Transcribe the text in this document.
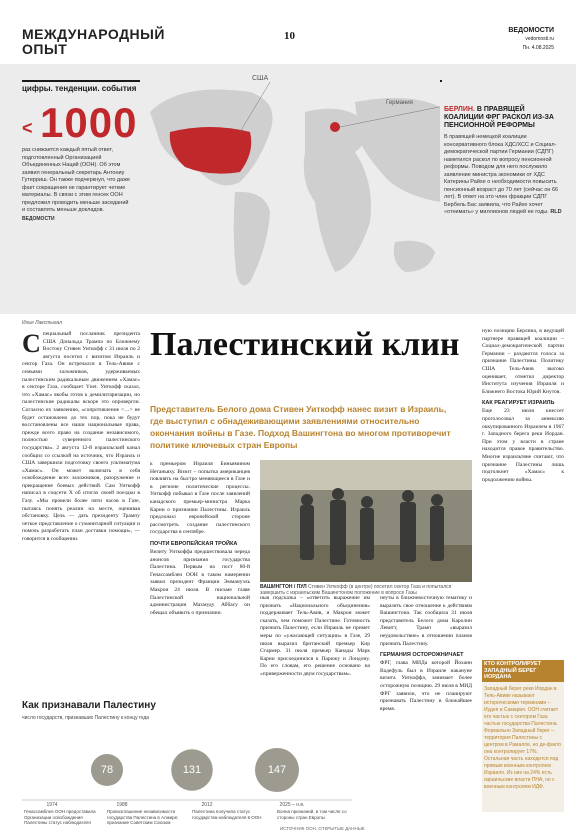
МЕЖДУНАРОДНЫЙ
ОПЫТ
10	ВЕДОМОСТИ
vedomosti.ru
Пн. 4.08.2025
цифры. тенденции. события
< 1000
раз снижается каждый пятый ответ, подготовленный Организацией Объединенных Наций (ООН). Об этом заявил генеральный секретарь Антониу Гутерриш. Он также подчеркнул, что даже факт сокращения не гарантирует четкие материалы. В связи с этим генсек ООН предложил проводить меньше заседаний и составлять меньше докладов.
ВЕДОМОСТИ
США
Германия
БЕРЛИН. В ПРАВЯЩЕЙ КОАЛИЦИИ ФРГ РАСКОЛ ИЗ-ЗА ПЕНСИОННОЙ РЕФОРМЫ
В правящей немецкой коалиции консервативного блока ХДС/ХСС и Социал-демократической партии Германии (СДПГ) наметился раскол по вопросу пенсионной реформы. Поводом для него послужило заявление министра экономики от ХДС Катерины Райхе о необходимости повысить пенсионный возраст до 70 лет (сейчас он 66 лет). В ответ на это член фракции СДПГ Бербель Бас заявила, что Райхе хочет «отнимать» у миллионов людей ее годы. RLD
Илья Лакстыгал
Палестинский клин
Представитель Белого дома Стивен Уиткофф нанес визит в Израиль, где выступил с обнадеживающими заявлениями относительно окончания войны в Газе. Подход Вашингтона во многом противоречит политике ключевых стран Европы
С пециальный посланник президента США Дональда Трампа по Ближнему Востоку Стивен Уиткофф с 31 июля по 2 августа посетил с визитом Израиль и сектор Газа. Он встречался в Тель-Авиве с семьями заложников, удерживаемых палестинским радикальным движением «Хамас» в секторе Газа, сообщает Ynet. Уиткофф сказал, что «Хамас» якобы готов к демилитаризации, но палестинские радикалы вскоре это опровергли. Согласно их заявлению, «сопротивление <…> не будет остановлено до тех пор, пока не будут восстановлены все наши национальные права, прежде всего право на создание независимого, полностью суверенного палестинского государства». 2 августа 12-й израильский канал сообщил со ссылкой на источник, что Израиль и США завершили подготовку своего ультиматума «Хамас». Он может включать в себя освобождение всех заложников, разоружение и прекращение боевых действий. Сам Уиткофф написал в соцсети Х об итогах своей поездки в Газу. «Мы провели более пяти часов в Газе, пытаясь понять реалии на месте, оценивая обстановку. Цель — дать президенту Трампу четкое представление о гуманитарной ситуации и помочь разработать план доставки помощи», — говорится в сообщении.
к премьером Израиля Биньямином Нетаньяху. Визит – попытка американцев повлиять на быстро меняющиеся в Газе и в регионе политические процессы. Уиткофф побывал в Газе после заявлений канадского премьер-министра Марка Карни о признании Палестины. Израиль предложил европейской стороне рассмотреть создание палестинского государства в сентябре.
ПОЧТИ ЕВРОПЕЙСКАЯ ТРОЙКА
Визиту Уиткоффа предшествовала череда анонсов признания государства Палестина. Первым на пост 80-й Генассамблеи ООН в таком намерении заявил президент Франции Эммануэль Макрон 24 июля. В письме главе Палестинской национальной администрации Махмуду Аббасу он обещал объявить о признании.
ВАШИНГТОН / ПУЛ Стивен Уиткофф (в центре) посетил сектор Газа и попытался завершить с израильским Вашингтоном положение в вопросе Газы
ныя подсказка – «ответить выражение им признать «Национального объединения» поддерживает Тель-Авив, и Макрон может сказать, чем поможет Палестине. Готовность признать Палестину, если Израиль не примет меры по «ужасающей ситуации» в Газе, 29 июля выразил британский премьер Кир Стармер. 31 июля премьер Канады Марк Карни присоединился к Парижу и Лондону. По его словам, его решение основано на «приверженности двум государствам».
неуты в ближневосточную тематику и выразить свое отношение к действиям Вашингтона. Так сообщила 31 июля представитель Белого дома Каролин Левитт, Трамп «выразил неудовольствие» в отношении планов признать Палестину.
ГЕРМАНИЯ ОСТОРОЖНИЧАЕТ
ФРГ, глава МИДа которой Йоханн Вадефуль был в Израиле накануне визита Уиткоффа, занимает более осторожную позицию. 29 июля в МИД ФРГ заявили, что не планируют признавать Палестину в ближайшее время.
ную позицию Берлина, в ведущей партнере правящей коалиции – Социал-демократической партии Германии – раздаются голоса за признание Палестины. Политику США Тель-Авив высоко оценивает, отметил директор Института изучения Израиля и Ближнего Востока Юрий Кнутов.
КАК РЕАГИРУЕТ ИЗРАИЛЬ
Еще 23 июля кнессет проголосовал за аннексию оккупированного Израилем в 1967 г. Западного берега реки Иордан. При этом у власти в стране находится правое правительство. Многие израильтяне считают, что признание Палестины лишь подтолкнет «Хамас» к продолжению войны.
КТО КОНТРОЛИРУЕТ ЗАПАДНЫЙ БЕРЕГ ИОРДАНА
Западный берег реки Иордан в Тель-Авиве называют историческими терминами – Иудея и Самария. ООН считает его частью с сектором Газа частью государства Палестина. Формально Западный берег – территория Палестины с центром в Рамалле, но де-факто она контролирует 17%. Остальная часть находится под прямым военным контролем Израиля. Из них на 24% есть израильские власти ПНА, но с военным контролем ИДФ.
Как признавали Палестину
число государств, признавших Палестину к концу года
78	131	147
1974	1988	2012	2025 – н.в.
Генассамблея ООН предоставила Организации освобождения Палестины статус наблюдателя
Провозглашение независимости государства Палестина в Алжире; признание Советским Союзом
Палестина получила статус государства-наблюдателя в ООН
Волна признаний, в том числе со стороны стран Европы
ИСТОЧНИК ООН, ОТКРЫТЫЕ ДАННЫЕ
